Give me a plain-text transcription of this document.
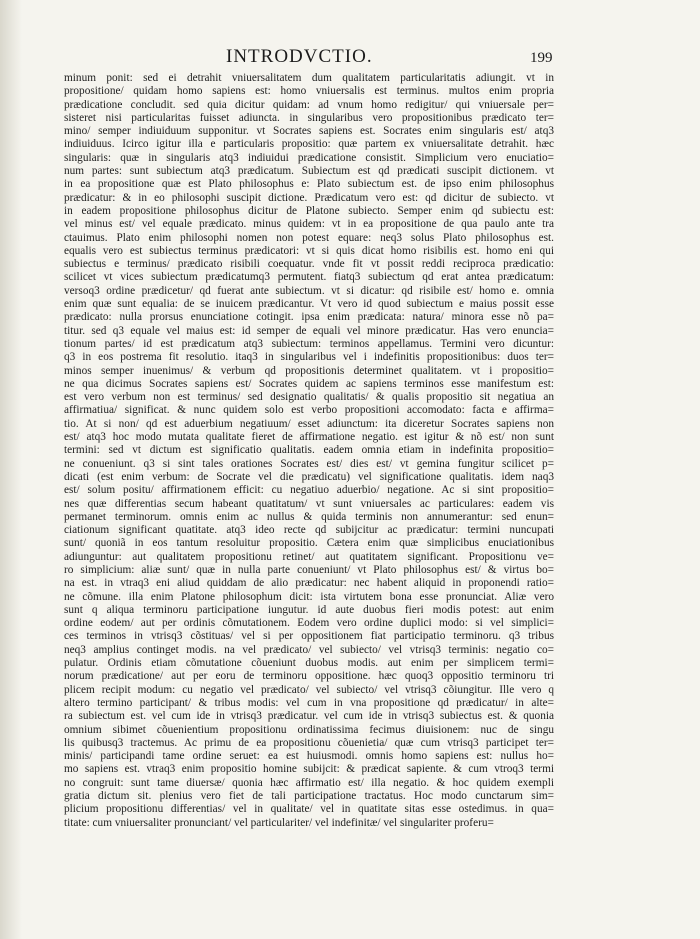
INTRODVCTIO.	199
minum ponit: sed ei detrahit vniuersalitatem dum qualitatem particularitatis adiungit. vt in
propositione/ quidam homo sapiens est: homo vniuersalis est terminus. multos enim propria
prædicatione concludit. sed quia dicitur quidam: ad vnum homo redigitur/ qui vniuersale per=
sisteret nisi particularitas fuisset adiuncta. in singularibus vero propositionibus prædicato ter=
mino/ semper indiuiduum supponitur. vt Socrates sapiens est. Socrates enim singularis est/ atq3
indiuiduus. Icirco igitur illa e particularis propositio: quæ partem ex vniuersalitate detrahit. hæc
singularis: quæ in singularis atq3 indiuidui prædicatione consistit. Simplicium vero enuciatio=
num partes: sunt subiectum atq3 prædicatum. Subiectum est qd prædicati suscipit dictionem. vt
in ea propositione quæ est Plato philosophus e: Plato subiectum est. de ipso enim philosophus
prædicatur: & in eo philosophi suscipit dictione. Prædicatum vero est: qd dicitur de subiecto. vt
in eadem propositione philosophus dicitur de Platone subiecto. Semper enim qd subiectu est:
vel minus est/ vel equale prædicato. minus quidem: vt in ea propositione de qua paulo ante tra
ctauimus. Plato enim philosophi nomen non potest equare: neq3 solus Plato philosophus est.
equalis vero est subiectus terminus prædicatori: vt si quis dicat homo risibilis est. homo eni qui
subiectus e terminus/ prædicato risibili coequatur. vnde fit vt possit reddi reciproca prædicatio:
scilicet vt vices subiectum prædicatumq3 permutent. fiatq3 subiectum qd erat antea prædicatum:
versoq3 ordine prædicetur/ qd fuerat ante subiectum. vt si dicatur: qd risibile est/ homo e. omnia
enim quæ sunt equalia: de se inuicem prædicantur. Vt vero id quod subiectum e maius possit esse
prædicato: nulla prorsus enunciatione cotingit. ipsa enim prædicata: natura/ minora esse nõ pa=
titur. sed q3 equale vel maius est: id semper de equali vel minore prædicatur. Has vero enuncia=
tionum partes/ id est prædicatum atq3 subiectum: terminos appellamus. Termini vero dicuntur:
q3 in eos postrema fit resolutio. itaq3 in singularibus vel i indefinitis propositionibus: duos ter=
minos semper inuenimus/ & verbum qd propositionis determinet qualitatem. vt i propositio=
ne qua dicimus Socrates sapiens est/ Socrates quidem ac sapiens terminos esse manifestum est:
est vero verbum non est terminus/ sed designatio qualitatis/ & qualis propositio sit negatiua an
affirmatiua/ significat. & nunc quidem solo est verbo propositioni accomodato: facta e affirma=
tio. At si non/ qd est aduerbium negatiuum/ esset adiunctum: ita diceretur Socrates sapiens non
est/ atq3 hoc modo mutata qualitate fieret de affirmatione negatio. est igitur & nõ est/ non sunt
termini: sed vt dictum est significatio qualitatis. eadem omnia etiam in indefinita propositio=
ne conueniunt. q3 si sint tales orationes Socrates est/ dies est/ vt gemina fungitur scilicet p=
dicati (est enim verbum: de Socrate vel die prædicatu) vel significatione qualitatis. idem naq3
est/ solum positu/ affirmationem efficit: cu negatiuo aduerbio/ negatione. Ac si sint propositio=
nes quæ differentias secum habeant quatitatum/ vt sunt vniuersales ac particulares: eadem vis
permanet terminorum. omnis enim ac nullus & quida terminis non annumerantur: sed enun=
ciationum significant quatitate. atq3 ideo recte qd subijcitur ac prædicatur: termini nuncupati
sunt/ quoniã in eos tantum resoluitur propositio. Cætera enim quæ simplicibus enuciationibus
adiunguntur: aut qualitatem propositionu retinet/ aut quatitatem significant. Propositionu ve=
ro simplicium: aliæ sunt/ quæ in nulla parte conueniunt/ vt Plato philosophus est/ & virtus bo=
na est. in vtraq3 eni aliud quiddam de alio prædicatur: nec habent aliquid in proponendi ratio=
ne cõmune. illa enim Platone philosophum dicit: ista virtutem bona esse pronunciat. Aliæ vero
sunt q aliqua terminoru participatione iungutur. id aute duobus fieri modis potest: aut enim
ordine eodem/ aut per ordinis cõmutationem. Eodem vero ordine duplici modo: si vel simplici=
ces terminos in vtrisq3 cõstituas/ vel si per oppositionem fiat participatio terminoru. q3 tribus
neq3 amplius continget modis. na vel prædicato/ vel subiecto/ vel vtrisq3 terminis: negatio co=
pulatur. Ordinis etiam cõmutatione cõueniunt duobus modis. aut enim per simplicem termi=
norum prædicatione/ aut per eoru de terminoru oppositione. hæc quoq3 oppositio terminoru tri
plicem recipit modum: cu negatio vel prædicato/ vel subiecto/ vel vtrisq3 cõiungitur. Ille vero q
altero termino participant/ & tribus modis: vel cum in vna propositione qd prædicatur/ in alte=
ra subiectum est. vel cum ide in vtrisq3 prædicatur. vel cum ide in vtrisq3 subiectus est. & quonia
omnium sibimet cõuenientium propositionu ordinatissima fecimus diuisionem: nuc de singu
lis quibusq3 tractemus. Ac primu de ea propositionu cõuenietia/ quæ cum vtrisq3 participet ter=
minis/ participandi tame ordine seruet: ea est huiusmodi. omnis homo sapiens est: nullus ho=
mo sapiens est. vtraq3 enim propositio homine subijcit: & prædicat sapiente. & cum vtroq3 termi
no congruit: sunt tame diuersæ/ quonia hæc affirmatio est/ illa negatio. & hoc quidem exempli
gratia dictum sit. plenius vero fiet de tali participatione tractatus. Hoc modo cunctarum sim=
plicium propositionu differentias/ vel in qualitate/ vel in quatitate sitas esse ostedimus. in qua=
titate: cum vniuersaliter pronunciant/ vel particulariter/ vel indefinitæ/ vel singulariter proferu=
